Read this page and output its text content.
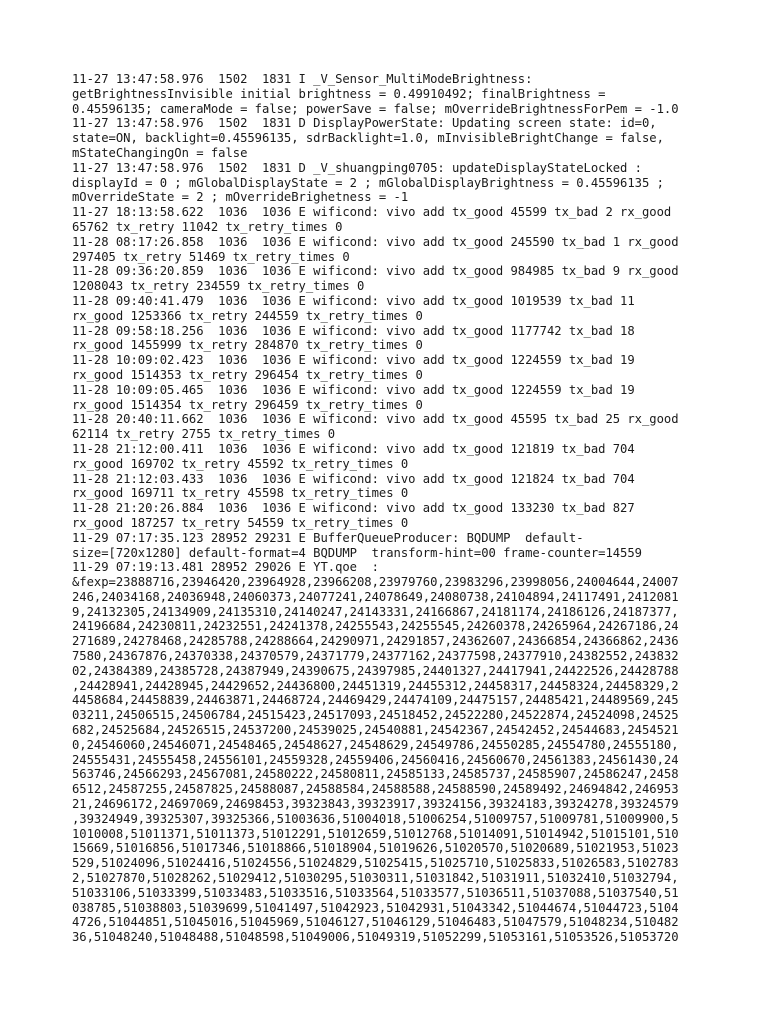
11-27 13:47:58.976  1502  1831 I _V_Sensor_MultiModeBrightness:
getBrightnessInvisible initial brightness = 0.49910492; finalBrightness =
0.45596135; cameraMode = false; powerSave = false; mOverrideBrightnessForPem = -1.0
11-27 13:47:58.976  1502  1831 D DisplayPowerState: Updating screen state: id=0,
state=ON, backlight=0.45596135, sdrBacklight=1.0, mInvisibleBrightChange = false,
mStateChangingOn = false
11-27 13:47:58.976  1502  1831 D _V_shuangping0705: updateDisplayStateLocked :
displayId = 0 ; mGlobalDisplayState = 2 ; mGlobalDisplayBrightness = 0.45596135 ;
mOverrideState = 2 ; mOverrideBrighetness = -1
11-27 18:13:58.622  1036  1036 E wificond: vivo add tx_good 45599 tx_bad 2 rx_good
65762 tx_retry 11042 tx_retry_times 0
11-28 08:17:26.858  1036  1036 E wificond: vivo add tx_good 245590 tx_bad 1 rx_good
297405 tx_retry 51469 tx_retry_times 0
11-28 09:36:20.859  1036  1036 E wificond: vivo add tx_good 984985 tx_bad 9 rx_good
1208043 tx_retry 234559 tx_retry_times 0
11-28 09:40:41.479  1036  1036 E wificond: vivo add tx_good 1019539 tx_bad 11
rx_good 1253366 tx_retry 244559 tx_retry_times 0
11-28 09:58:18.256  1036  1036 E wificond: vivo add tx_good 1177742 tx_bad 18
rx_good 1455999 tx_retry 284870 tx_retry_times 0
11-28 10:09:02.423  1036  1036 E wificond: vivo add tx_good 1224559 tx_bad 19
rx_good 1514353 tx_retry 296454 tx_retry_times 0
11-28 10:09:05.465  1036  1036 E wificond: vivo add tx_good 1224559 tx_bad 19
rx_good 1514354 tx_retry 296459 tx_retry_times 0
11-28 20:40:11.662  1036  1036 E wificond: vivo add tx_good 45595 tx_bad 25 rx_good
62114 tx_retry 2755 tx_retry_times 0
11-28 21:12:00.411  1036  1036 E wificond: vivo add tx_good 121819 tx_bad 704
rx_good 169702 tx_retry 45592 tx_retry_times 0
11-28 21:12:03.433  1036  1036 E wificond: vivo add tx_good 121824 tx_bad 704
rx_good 169711 tx_retry 45598 tx_retry_times 0
11-28 21:20:26.884  1036  1036 E wificond: vivo add tx_good 133230 tx_bad 827
rx_good 187257 tx_retry 54559 tx_retry_times 0
11-29 07:17:35.123 28952 29231 E BufferQueueProducer: BQDUMP  default-
size=[720x1280] default-format=4 BQDUMP  transform-hint=00 frame-counter=14559
11-29 07:19:13.481 28952 29026 E YT.qoe  :
&fexp=23888716,23946420,23964928,23966208,23979760,23983296,23998056,24004644,24007
246,24034168,24036948,24060373,24077241,24078649,24080738,24104894,24117491,2412081
9,24132305,24134909,24135310,24140247,24143331,24166867,24181174,24186126,24187377,
24196684,24230811,24232551,24241378,24255543,24255545,24260378,24265964,24267186,24
271689,24278468,24285788,24288664,24290971,24291857,24362607,24366854,24366862,2436
7580,24367876,24370338,24370579,24371779,24377162,24377598,24377910,24382552,243832
02,24384389,24385728,24387949,24390675,24397985,24401327,24417941,24422526,24428788
,24428941,24428945,24429652,24436800,24451319,24455312,24458317,24458324,24458329,2
4458684,24458839,24463871,24468724,24469429,24474109,24475157,24485421,24489569,245
03211,24506515,24506784,24515423,24517093,24518452,24522280,24522874,24524098,24525
682,24525684,24526515,24537200,24539025,24540881,24542367,24542452,24544683,2454521
0,24546060,24546071,24548465,24548627,24548629,24549786,24550285,24554780,24555180,
24555431,24555458,24556101,24559328,24559406,24560416,24560670,24561383,24561430,24
563746,24566293,24567081,24580222,24580811,24585133,24585737,24585907,24586247,2458
6512,24587255,24587825,24588087,24588584,24588588,24588590,24589492,24694842,246953
21,24696172,24697069,24698453,39323843,39323917,39324156,39324183,39324278,39324579
,39324949,39325307,39325366,51003636,51004018,51006254,51009757,51009781,51009900,5
1010008,51011371,51011373,51012291,51012659,51012768,51014091,51014942,51015101,510
15669,51016856,51017346,51018866,51018904,51019626,51020570,51020689,51021953,51023
529,51024096,51024416,51024556,51024829,51025415,51025710,51025833,51026583,5102783
2,51027870,51028262,51029412,51030295,51030311,51031842,51031911,51032410,51032794,
51033106,51033399,51033483,51033516,51033564,51033577,51036511,51037088,51037540,51
038785,51038803,51039699,51041497,51042923,51042931,51043342,51044674,51044723,5104
4726,51044851,51045016,51045969,51046127,51046129,51046483,51047579,51048234,510482
36,51048240,51048488,51048598,51049006,51049319,51052299,51053161,51053526,51053720
